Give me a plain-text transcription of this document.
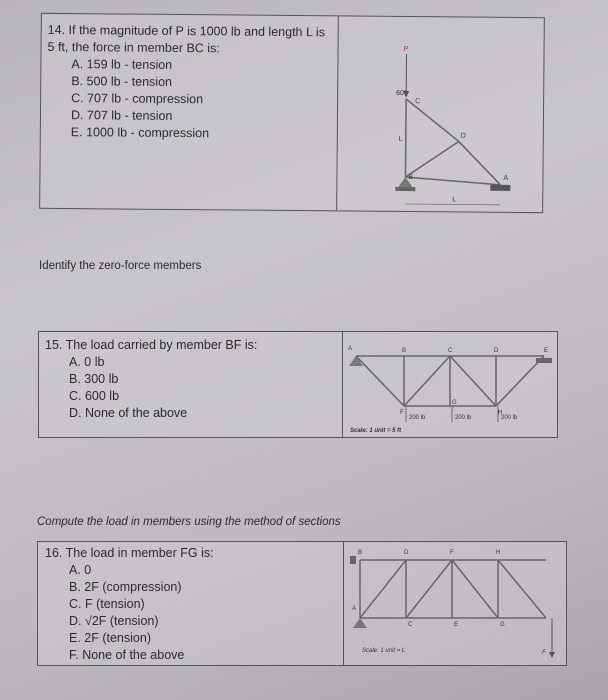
14. If the magnitude of P is 1000 lb and length L is

5 ft, the force in member BC is:

A. 159 lb - tension

B. 500 lb - tension

C. 707 lb - compression

D. 707 lb - tension

E. 1000 lb - compression

P
60°
C
D
B	A
L
L
Identify the zero-force members

15. The load carried by member BF is:

A. 0 lb

B. 300 lb

C. 600 lb

D. None of the above

A	B	C	D	E
F
G
H
200 lb	200 lb	200 lb
Scale: 1 unit = 5 ft
Compute the load in members using the method of sections

16. The load in member FG is:

A. 0

B. 2F (compression)

C. F (tension)

D. √2F (tension)

E. 2F (tension)

F. None of the above	F
A
B
C
D
E
F
G
H
Scale: 1 unit = L
